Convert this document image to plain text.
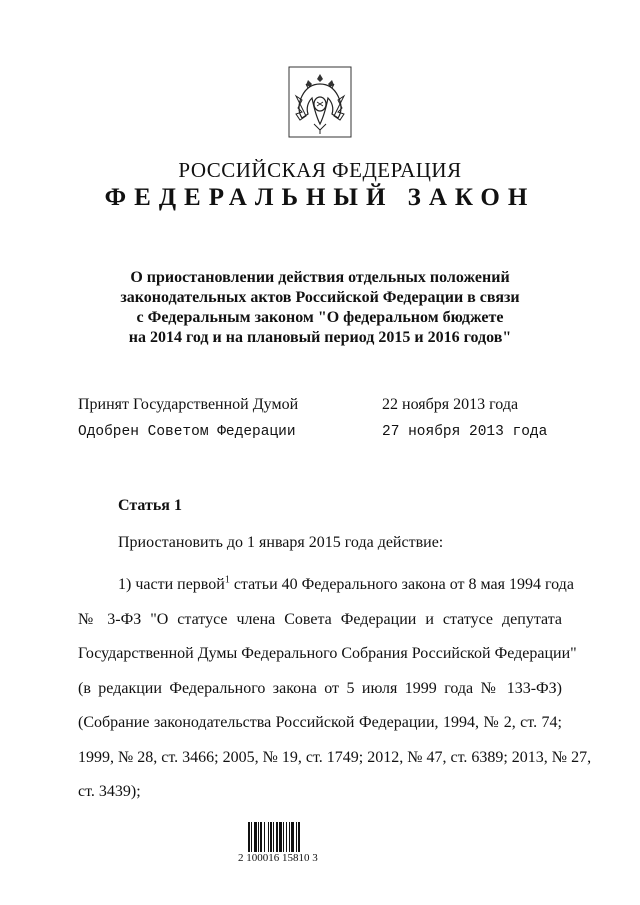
РОССИЙСКАЯ ФЕДЕРАЦИЯ
ФЕДЕРАЛЬНЫЙ ЗАКОН
О приостановлении действия отдельных положений
законодательных актов Российской Федерации в связи
с Федеральным законом "О федеральном бюджете
на 2014 год и на плановый период 2015 и 2016 годов"
Принят Государственной Думой	22 ноября 2013 года
Одобрен Советом Федерации	27 ноября 2013 года
Статья 1
Приостановить до 1 января 2015 года действие:
1) части первой$^1$ статьи 40 Федерального закона от 8 мая 1994 года
№ 3-ФЗ "О статусе члена Совета Федерации и статусе депутата
Государственной Думы Федерального Собрания Российской Федерации"
(в редакции Федерального закона от 5 июля 1999 года № 133-ФЗ)
(Собрание законодательства Российской Федерации, 1994, № 2, ст. 74;
1999, № 28, ст. 3466; 2005, № 19, ст. 1749; 2012, № 47, ст. 6389; 2013, № 27,
ст. 3439);
2 100016 15810 3
